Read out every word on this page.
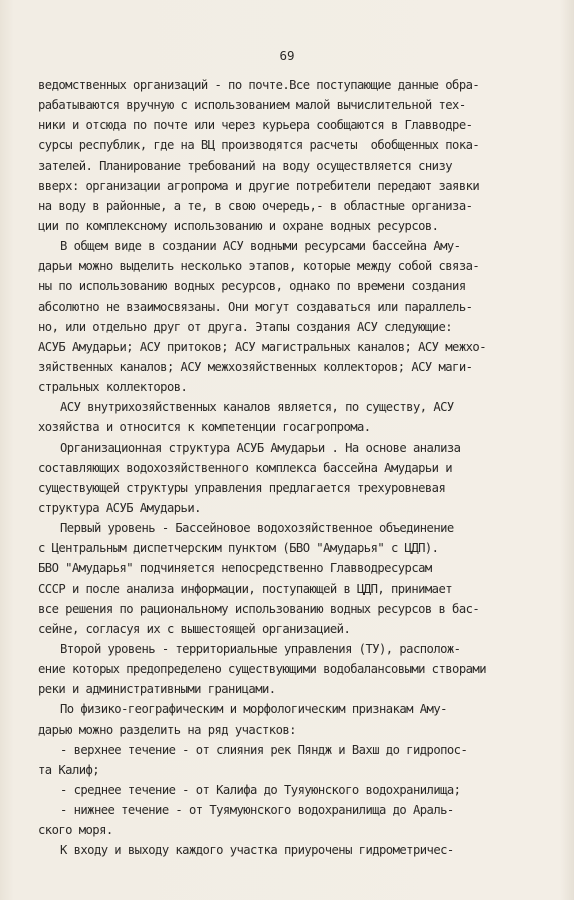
69
ведомственных организаций - по почте.Все поступающие данные обра-
рабатываются вручную с использованием малой вычислительной тех-
ники и отсюда по почте или через курьера сообщаются в Главводре-
сурсы республик, где на ВЦ производятся расчеты  обобщенных пока-
зателей. Планирование требований на воду осуществляется снизу
вверх: организации агропрома и другие потребители передают заявки
на воду в районные, а те, в свою очередь,- в областные организа-
ции по комплексному использованию и охране водных ресурсов.
В общем виде в создании АСУ водными ресурсами бассейна Аму-
дарьи можно выделить несколько этапов, которые между собой связа-
ны по использованию водных ресурсов, однако по времени создания
абсолютно не взаимосвязаны. Они могут создаваться или параллель-
но, или отдельно друг от друга. Этапы создания АСУ следующие:
АСУБ Амударьи; АСУ притоков; АСУ магистральных каналов; АСУ межхо-
зяйственных каналов; АСУ межхозяйственных коллекторов; АСУ маги-
стральных коллекторов.
АСУ внутрихозяйственных каналов является, по существу, АСУ
хозяйства и относится к компетенции госагропрома.
Организационная структура АСУБ Амударьи . На основе анализа
составляющих водохозяйственного комплекса бассейна Амударьи и
существующей структуры управления предлагается трехуровневая
структура АСУБ Амударьи.
Первый уровень - Бассейновое водохозяйственное объединение
с Центральным диспетчерским пунктом (БВО "Амударья" с ЦДП).
БВО "Амударья" подчиняется непосредственно Главводресурсам
СССР и после анализа информации, поступающей в ЦДП, принимает
все решения по рациональному использованию водных ресурсов в бас-
сейне, согласуя их с вышестоящей организацией.
Второй уровень - территориальные управления (ТУ), располож-
ение которых предопределено существующими водобалансовыми створами
реки и административными границами.
По физико-географическим и морфологическим признакам Аму-
дарью можно разделить на ряд участков:
- верхнее течение - от слияния рек Пяндж и Вахш до гидропос-
та Калиф;
- среднее течение - от Калифа до Туяуюнского водохранилища;
- нижнее течение - от Туямуюнского водохранилища до Араль-
ского моря.
К входу и выходу каждого участка приурочены гидрометричес-
